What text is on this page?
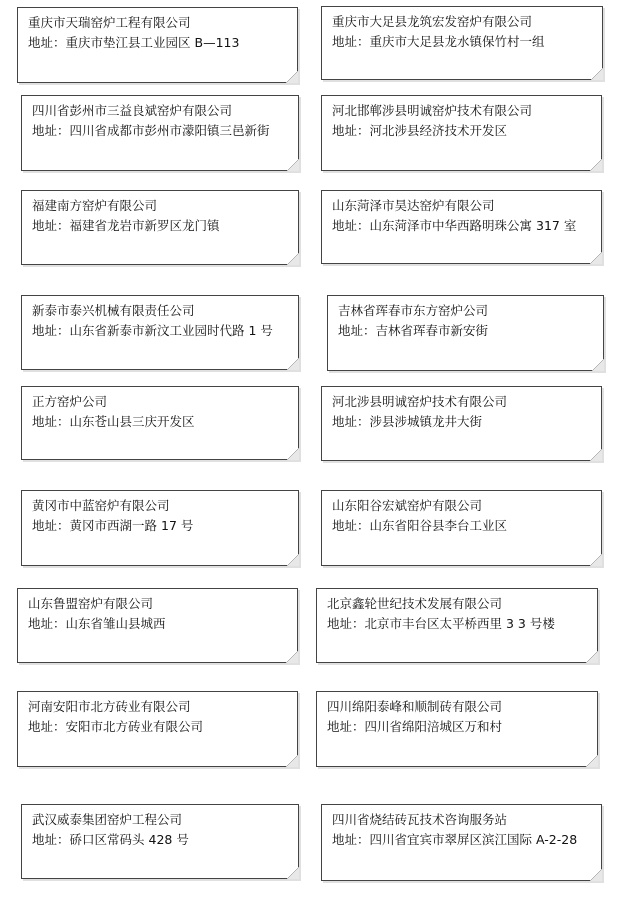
重庆市天瑞窑炉工程有限公司
地址： 重庆市垫江县工业园区 B—113
重庆市大足县龙筑宏发窑炉有限公司
地址： 重庆市大足县龙水镇保竹村一组
四川省彭州市三益良斌窑炉有限公司
地址： 四川省成都市彭州市濛阳镇三邑新街
河北邯郸涉县明诚窑炉技术有限公司
地址： 河北涉县经济技术开发区
福建南方窑炉有限公司
地址： 福建省龙岩市新罗区龙门镇
山东菏泽市昊达窑炉有限公司
地址： 山东菏泽市中华西路明珠公寓 317 室
新泰市泰兴机械有限责任公司
地址： 山东省新泰市新汶工业园时代路 1 号
吉林省珲春市东方窑炉公司
地址： 吉林省珲春市新安街
正方窑炉公司
地址： 山东苍山县三庆开发区
河北涉县明诚窑炉技术有限公司
地址： 涉县涉城镇龙井大街
黄冈市中蓝窑炉有限公司
地址： 黄冈市西湖一路 17 号
山东阳谷宏斌窑炉有限公司
地址： 山东省阳谷县李台工业区
山东鲁盟窑炉有限公司
地址： 山东省雏山县城西
北京鑫轮世纪技术发展有限公司
地址： 北京市丰台区太平桥西里 3 3 号楼
河南安阳市北方砖业有限公司
地址： 安阳市北方砖业有限公司
四川绵阳泰峰和顺制砖有限公司
地址： 四川省绵阳涪城区万和村
武汉威泰集团窑炉工程公司
地址： 硚口区常码头 428 号
四川省烧结砖瓦技术咨询服务站
地址： 四川省宜宾市翠屏区滨江国际 A-2-28
